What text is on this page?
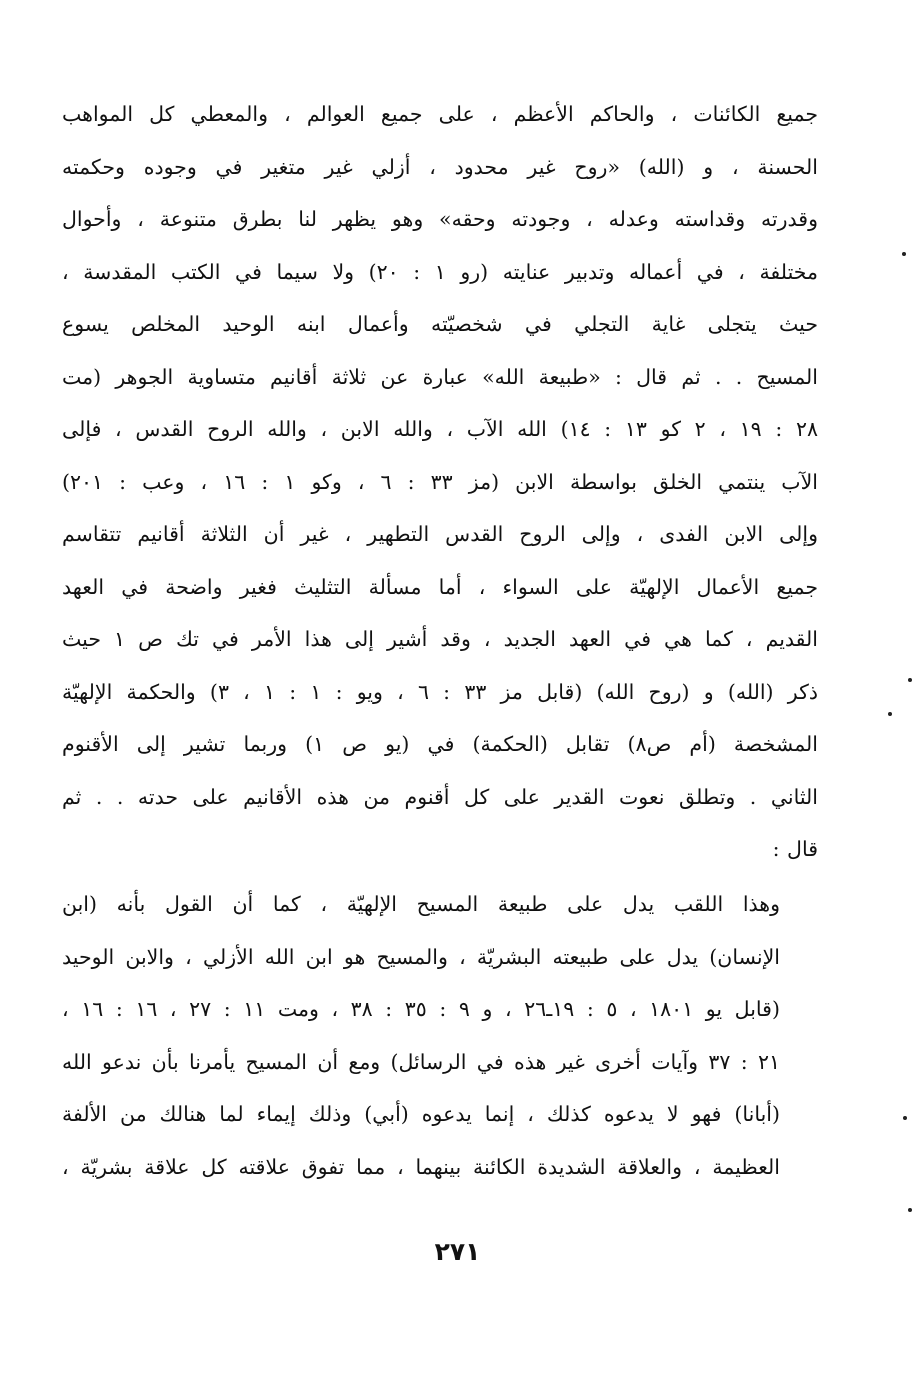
جميع الكائنات ، والحاكم الأعظم ، على جميع العوالم ، والمعطي كل المواهب
الحسنة ، و (الله) «روح غير محدود ، أزلي غير متغير في وجوده وحكمته
وقدرته وقداسته وعدله ، وجودته وحقه» وهو يظهر لنا بطرق متنوعة ، وأحوال
مختلفة ، في أعماله وتدبير عنايته (رو ١ : ٢٠) ولا سيما في الكتب المقدسة ،
حيث يتجلى غاية التجلي في شخصيّته وأعمال ابنه الوحيد المخلص يسوع
المسيح . . ثم قال : «طبيعة الله» عبارة عن ثلاثة أقانيم متساوية الجوهر (مت
٢٨ : ١٩ ، ٢ كو ١٣ : ١٤) الله الآب ، والله الابن ، والله الروح القدس ، فإلى
الآب ينتمي الخلق بواسطة الابن (مز ٣٣ : ٦ ، وكو ١ : ١٦ ، وعب : ٢٠١)
وإلى الابن الفدى ، وإلى الروح القدس التطهير ، غير أن الثلاثة أقانيم تتقاسم
جميع الأعمال الإلهيّة على السواء ، أما مسألة التثليث فغير واضحة في العهد
القديم ، كما هي في العهد الجديد ، وقد أشير إلى هذا الأمر في تك ص ١ حيث
ذكر (الله) و (روح الله) (قابل مز ٣٣ : ٦ ، ويو : ١ : ١ ، ٣) والحكمة الإلهيّة
المشخصة (أم ص٨) تقابل (الحكمة) في (يو ص ١) وربما تشير إلى الأقنوم
الثاني . وتطلق نعوت القدير على كل أقنوم من هذه الأقانيم على حدته . . ثم
قال :
وهذا اللقب يدل على طبيعة المسيح الإلهيّة ، كما أن القول بأنه (ابن
الإنسان) يدل على طبيعته البشريّة ، والمسيح هو ابن الله الأزلي ، والابن الوحيد
(قابل يو ١٨٠١ ، ٥ : ١٩ـ٢٦ ، و ٩ : ٣٥ : ٣٨ ، ومت ١١ : ٢٧ ، ١٦ : ١٦ ،
٢١ : ٣٧ وآيات أخرى غير هذه في الرسائل) ومع أن المسيح يأمرنا بأن ندعو الله
(أبانا) فهو لا يدعوه كذلك ، إنما يدعوه (أبي) وذلك إيماء لما هنالك من الألفة
العظيمة ، والعلاقة الشديدة الكائنة بينهما ، مما تفوق علاقته كل علاقة بشريّة ،
٢٧١
